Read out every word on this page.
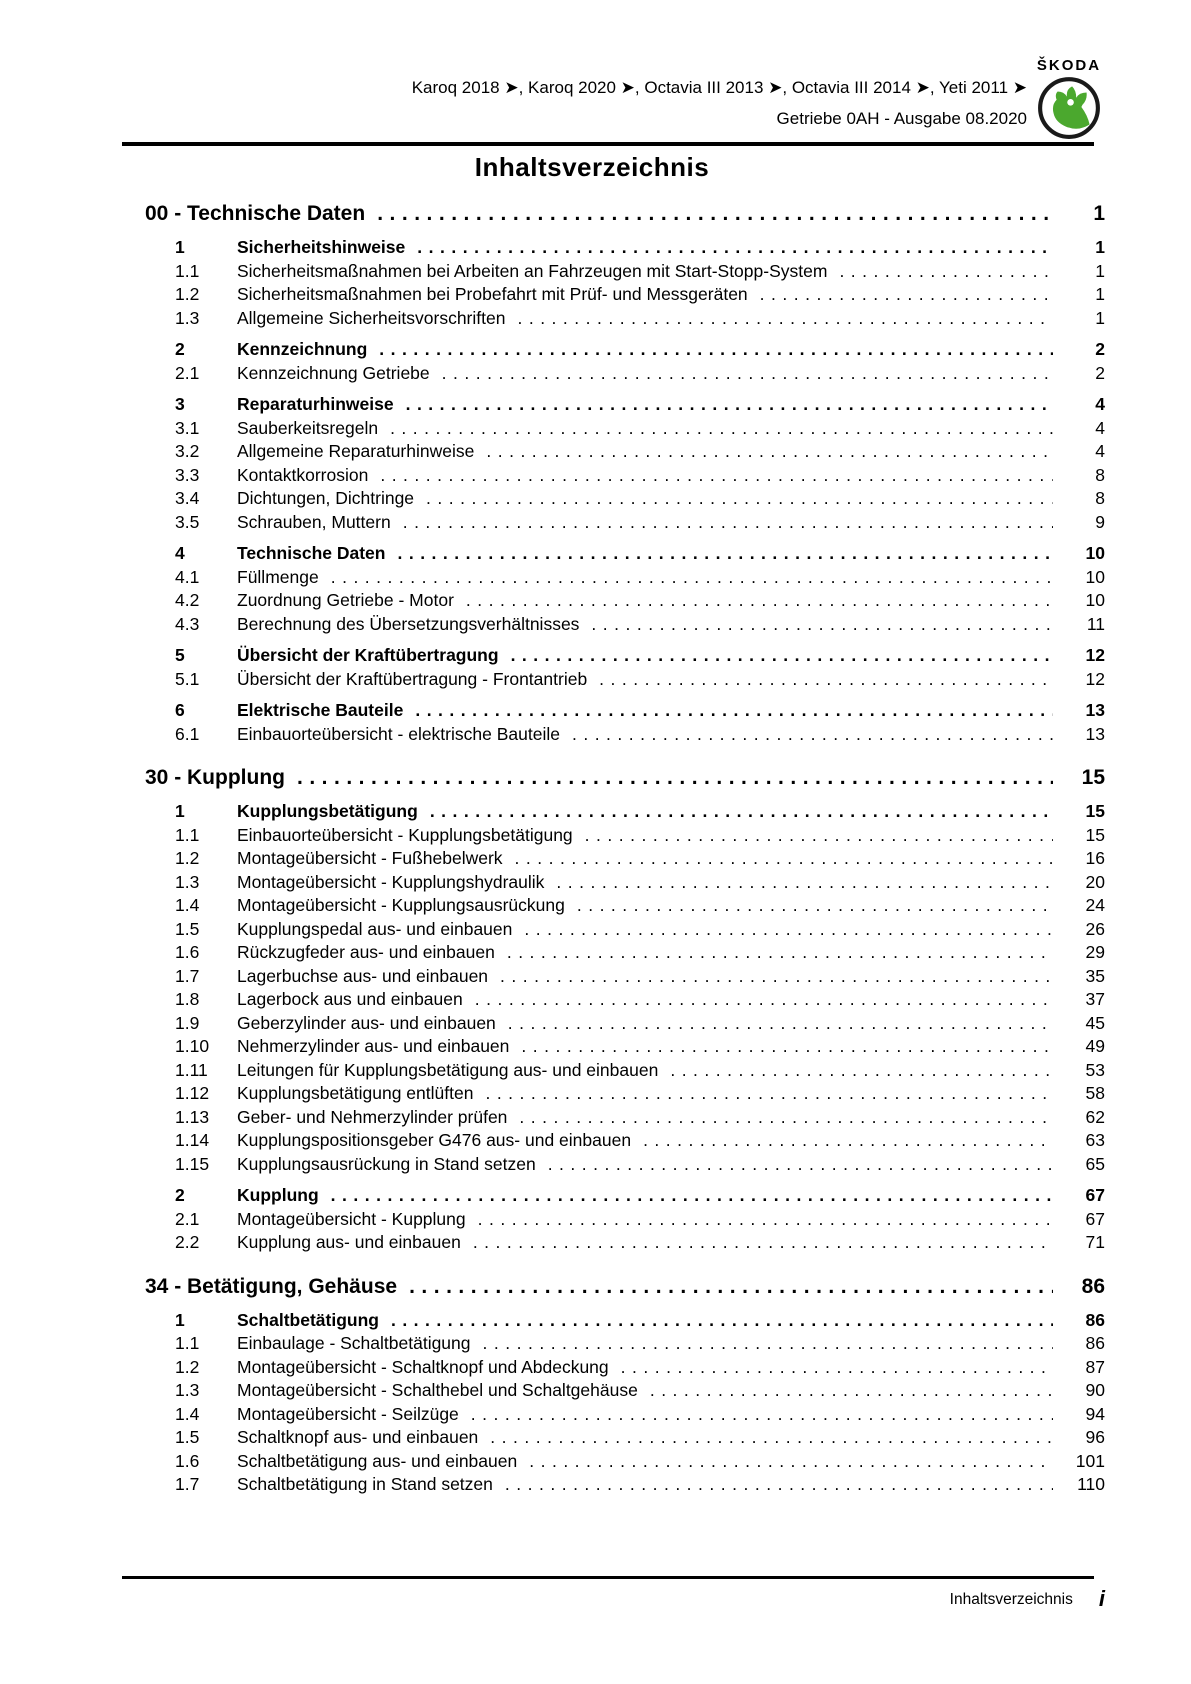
Karoq 2018 ➤, Karoq 2020 ➤, Octavia III 2013 ➤, Octavia III 2014 ➤, Yeti 2011 ➤
Getriebe 0AH - Ausgabe 08.2020
ŠKODA
Inhaltsverzeichnis
00 - Technische Daten .....	1
1	Sicherheitshinweise .....	1
1.1	Sicherheitsmaßnahmen bei Arbeiten an Fahrzeugen mit Start-Stopp-System .....	1
1.2	Sicherheitsmaßnahmen bei Probefahrt mit Prüf- und Messgeräten .....	1
1.3	Allgemeine Sicherheitsvorschriften .....	1
2	Kennzeichnung .....	2
2.1	Kennzeichnung Getriebe .....	2
3	Reparaturhinweise .....	4
3.1	Sauberkeitsregeln .....	4
3.2	Allgemeine Reparaturhinweise .....	4
3.3	Kontaktkorrosion .....	8
3.4	Dichtungen, Dichtringe .....	8
3.5	Schrauben, Muttern .....	9
4	Technische Daten .....	10
4.1	Füllmenge .....	10
4.2	Zuordnung Getriebe - Motor .....	10
4.3	Berechnung des Übersetzungsverhältnisses .....	11
5	Übersicht der Kraftübertragung .....	12
5.1	Übersicht der Kraftübertragung - Frontantrieb .....	12
6	Elektrische Bauteile .....	13
6.1	Einbauorteübersicht - elektrische Bauteile .....	13
30 - Kupplung .....	15
1	Kupplungsbetätigung .....	15
1.1	Einbauorteübersicht - Kupplungsbetätigung .....	15
1.2	Montageübersicht - Fußhebelwerk .....	16
1.3	Montageübersicht - Kupplungshydraulik .....	20
1.4	Montageübersicht - Kupplungsausrückung .....	24
1.5	Kupplungspedal aus- und einbauen .....	26
1.6	Rückzugfeder aus- und einbauen .....	29
1.7	Lagerbuchse aus- und einbauen .....	35
1.8	Lagerbock aus und einbauen .....	37
1.9	Geberzylinder aus- und einbauen .....	45
1.10	Nehmerzylinder aus- und einbauen .....	49
1.11	Leitungen für Kupplungsbetätigung aus- und einbauen .....	53
1.12	Kupplungsbetätigung entlüften .....	58
1.13	Geber- und Nehmerzylinder prüfen .....	62
1.14	Kupplungspositionsgeber G476 aus- und einbauen .....	63
1.15	Kupplungsausrückung in Stand setzen .....	65
2	Kupplung .....	67
2.1	Montageübersicht - Kupplung .....	67
2.2	Kupplung aus- und einbauen .....	71
34 - Betätigung, Gehäuse .....	86
1	Schaltbetätigung .....	86
1.1	Einbaulage - Schaltbetätigung .....	86
1.2	Montageübersicht - Schaltknopf und Abdeckung .....	87
1.3	Montageübersicht - Schalthebel und Schaltgehäuse .....	90
1.4	Montageübersicht - Seilzüge .....	94
1.5	Schaltknopf aus- und einbauen .....	96
1.6	Schaltbetätigung aus- und einbauen .....	101
1.7	Schaltbetätigung in Stand setzen .....	110
Inhaltsverzeichnis i
